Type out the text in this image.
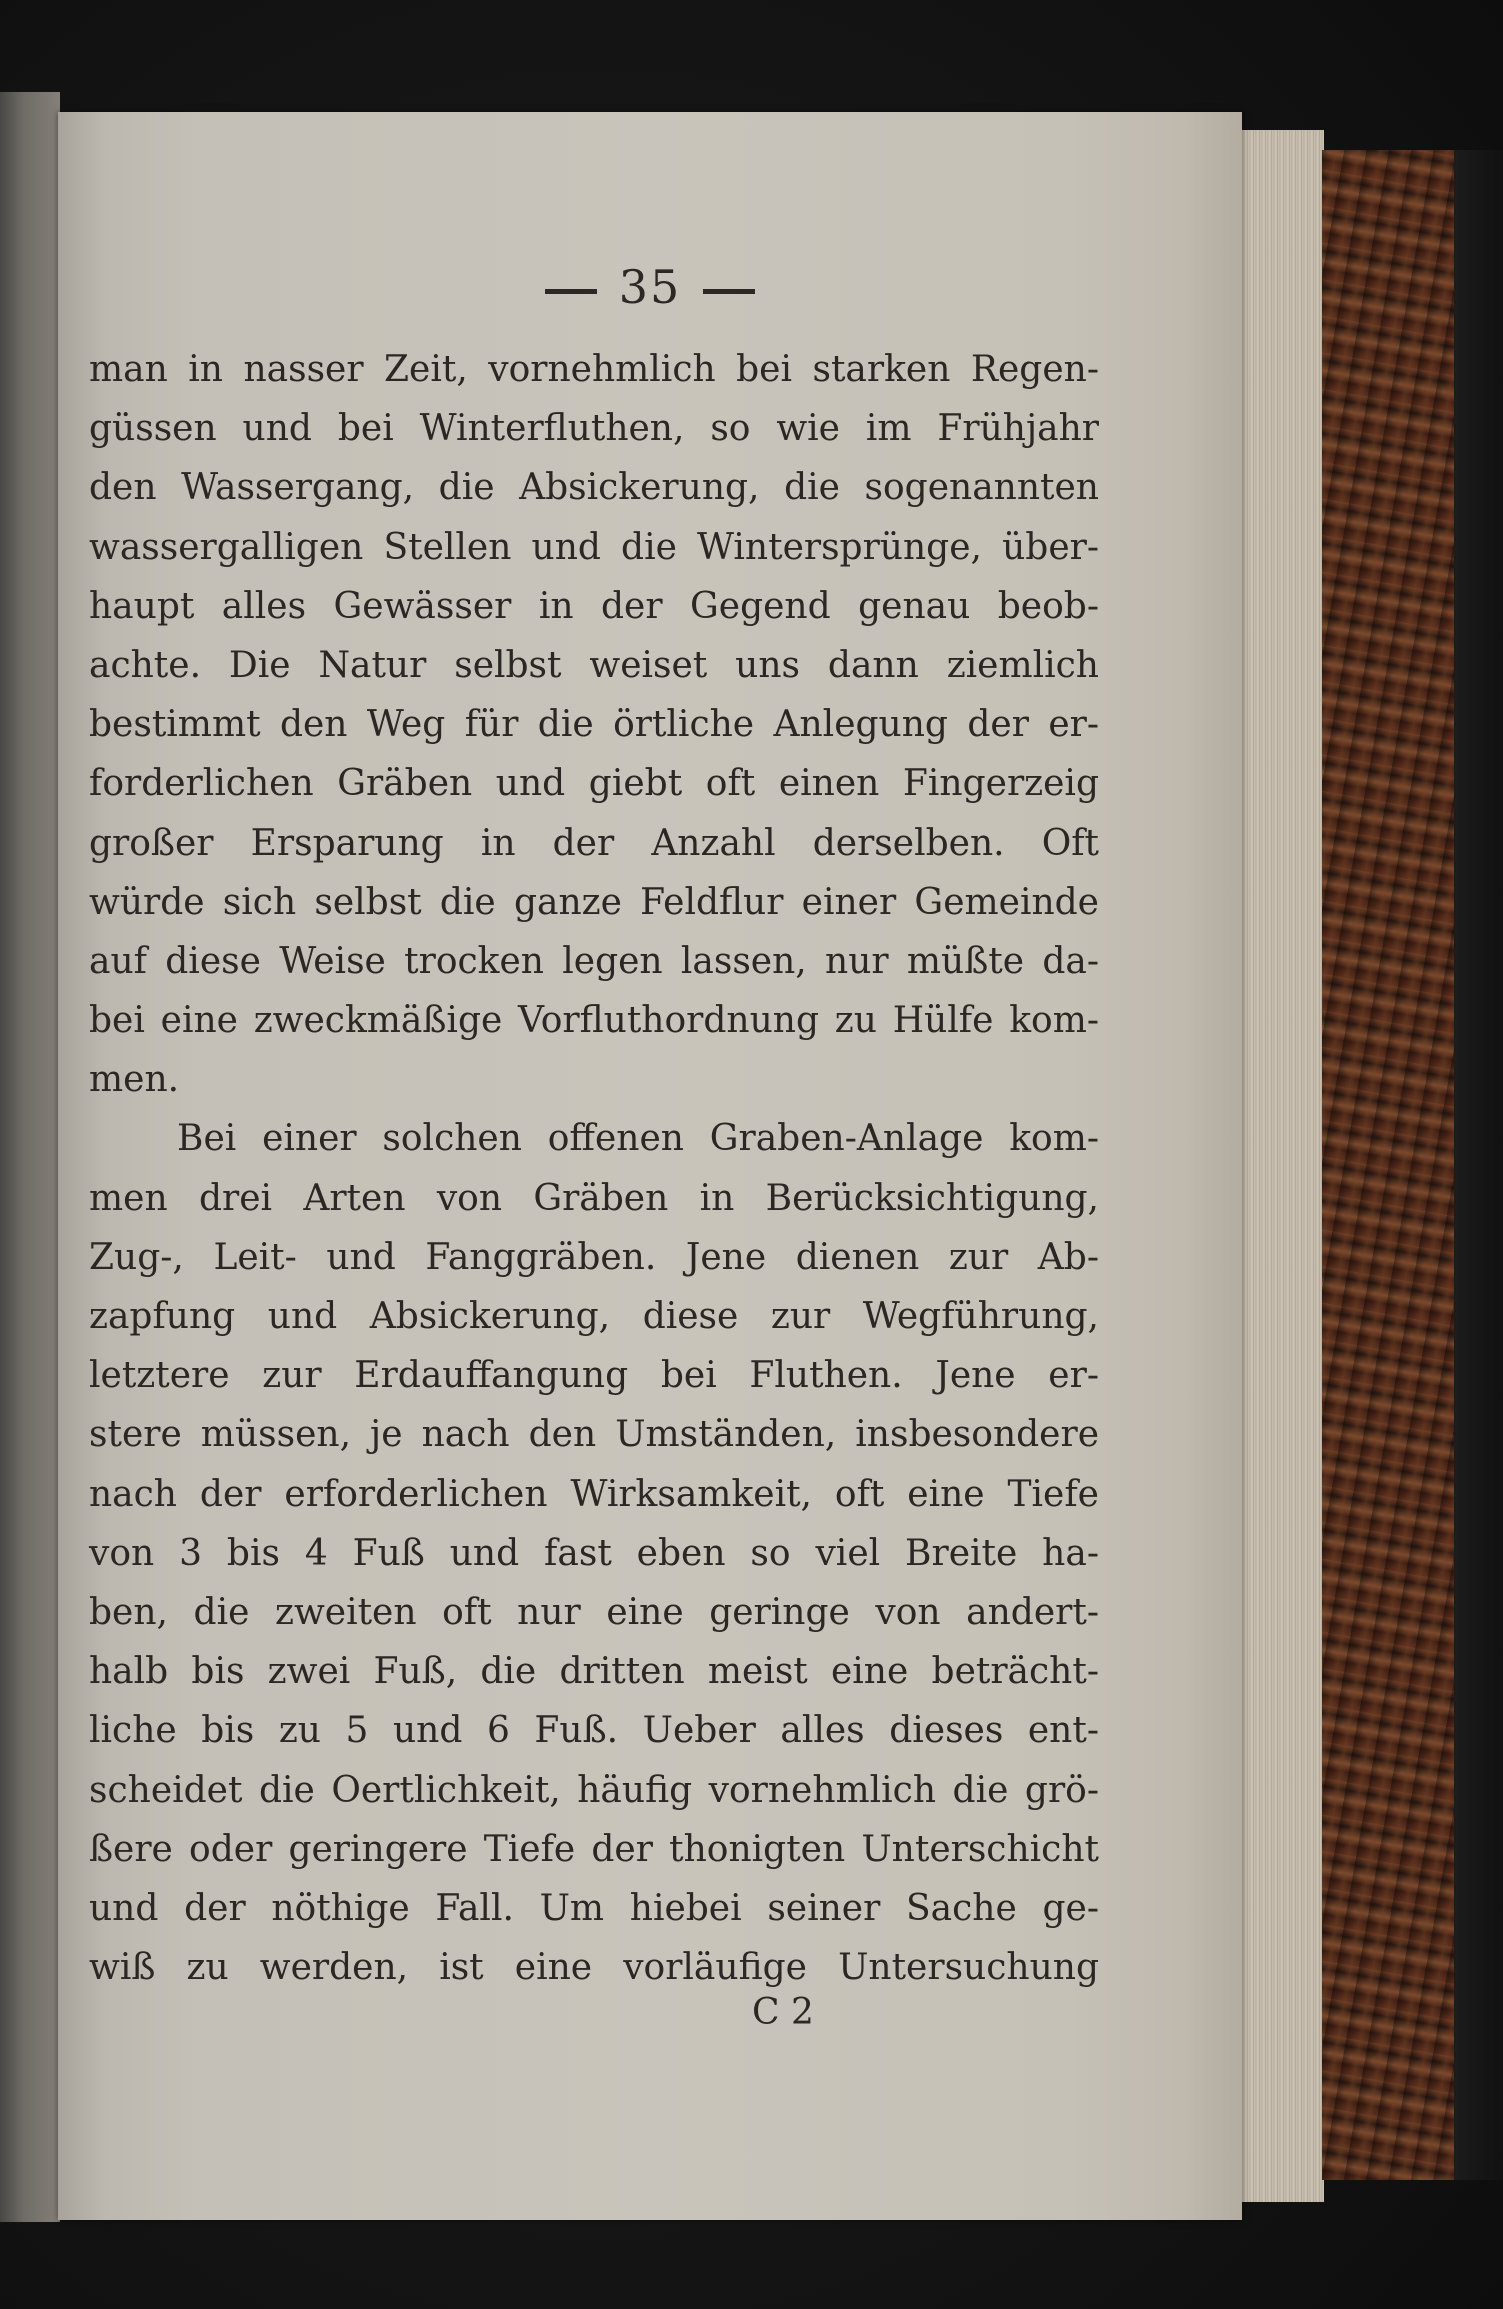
35
man in nasser Zeit, vornehmlich bei starken Regen-
güssen und bei Winterfluthen, so wie im Frühjahr
den Wassergang, die Absickerung, die sogenannten
wassergalligen Stellen und die Wintersprünge, über-
haupt alles Gewässer in der Gegend genau beob-
achte. Die Natur selbst weiset uns dann ziemlich
bestimmt den Weg für die örtliche Anlegung der er-
forderlichen Gräben und giebt oft einen Fingerzeig
großer Ersparung in der Anzahl derselben. Oft
würde sich selbst die ganze Feldflur einer Gemeinde
auf diese Weise trocken legen lassen, nur müßte da-
bei eine zweckmäßige Vorfluthordnung zu Hülfe kom-
men.
Bei einer solchen offenen Graben-Anlage kom-
men drei Arten von Gräben in Berücksichtigung,
Zug-, Leit- und Fanggräben. Jene dienen zur Ab-
zapfung und Absickerung, diese zur Wegführung,
letztere zur Erdauffangung bei Fluthen. Jene er-
stere müssen, je nach den Umständen, insbesondere
nach der erforderlichen Wirksamkeit, oft eine Tiefe
von 3 bis 4 Fuß und fast eben so viel Breite ha-
ben, die zweiten oft nur eine geringe von andert-
halb bis zwei Fuß, die dritten meist eine beträcht-
liche bis zu 5 und 6 Fuß. Ueber alles dieses ent-
scheidet die Oertlichkeit, häufig vornehmlich die grö-
ßere oder geringere Tiefe der thonigten Unterschicht
und der nöthige Fall. Um hiebei seiner Sache ge-
wiß zu werden, ist eine vorläufige Untersuchung
C 2
